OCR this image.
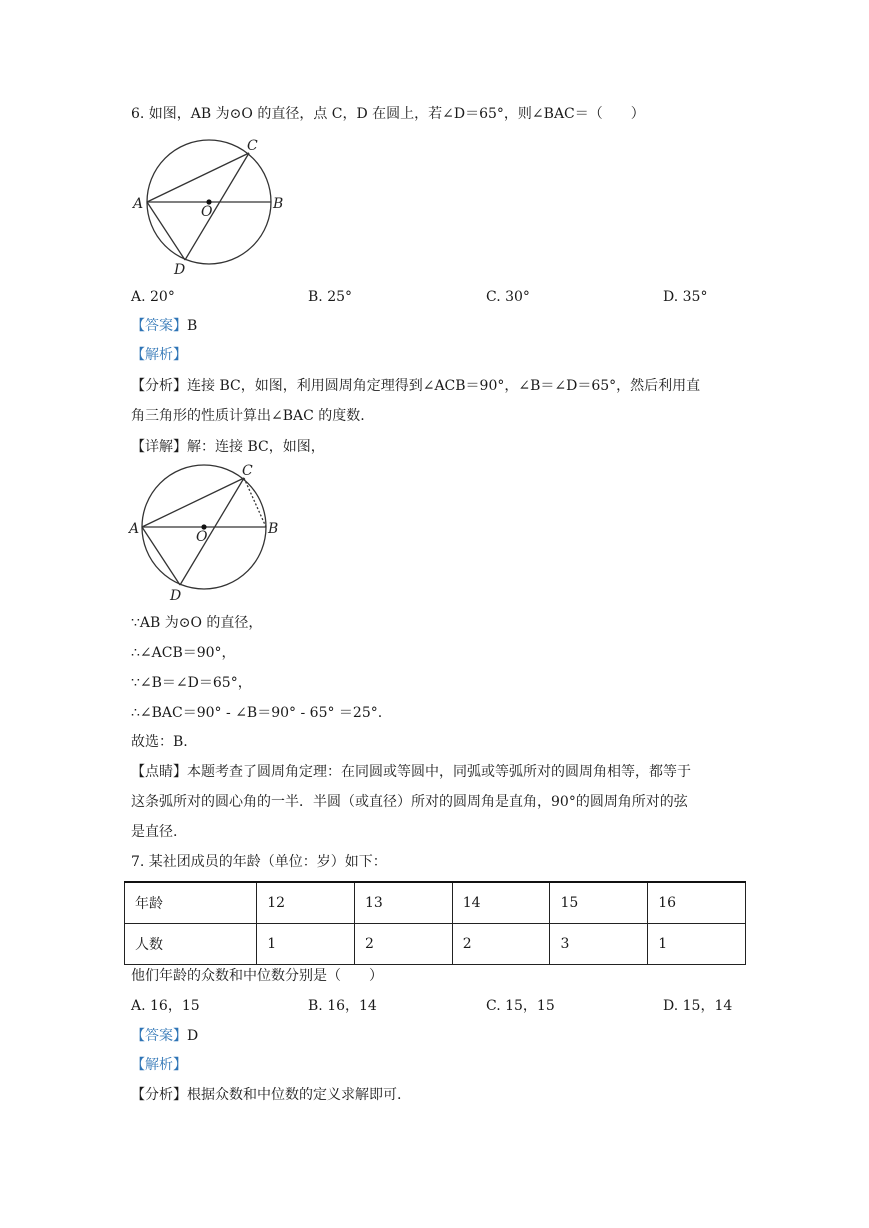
6. 如图，AB 为⊙O 的直径，点 C，D 在圆上，若∠D＝65°，则∠BAC＝（　　）
A	B
C
D
O
A. 20°	B. 25°	C. 30°	D. 35°
【答案】B
【解析】
【分析】连接 BC，如图，利用圆周角定理得到∠ACB＝90°，∠B＝∠D＝65°，然后利用直
角三角形的性质计算出∠BAC 的度数.
【详解】解：连接 BC，如图，
A	B
C
D
O
∵AB 为⊙O 的直径，
∴∠ACB＝90°，
∵∠B＝∠D＝65°，
∴∠BAC＝90° - ∠B＝90° - 65° ＝25°.
故选：B.
【点睛】本题考查了圆周角定理：在同圆或等圆中，同弧或等弧所对的圆周角相等，都等于
这条弧所对的圆心角的一半．半圆（或直径）所对的圆周角是直角，90°的圆周角所对的弦
是直径.
7. 某社团成员的年龄（单位：岁）如下：
年龄	12	13	14	15	16
人数	1	2	2	3	1
他们年龄的众数和中位数分别是（　　）
A. 16，15	B. 16，14	C. 15，15	D. 15，14
【答案】D
【解析】
【分析】根据众数和中位数的定义求解即可.
